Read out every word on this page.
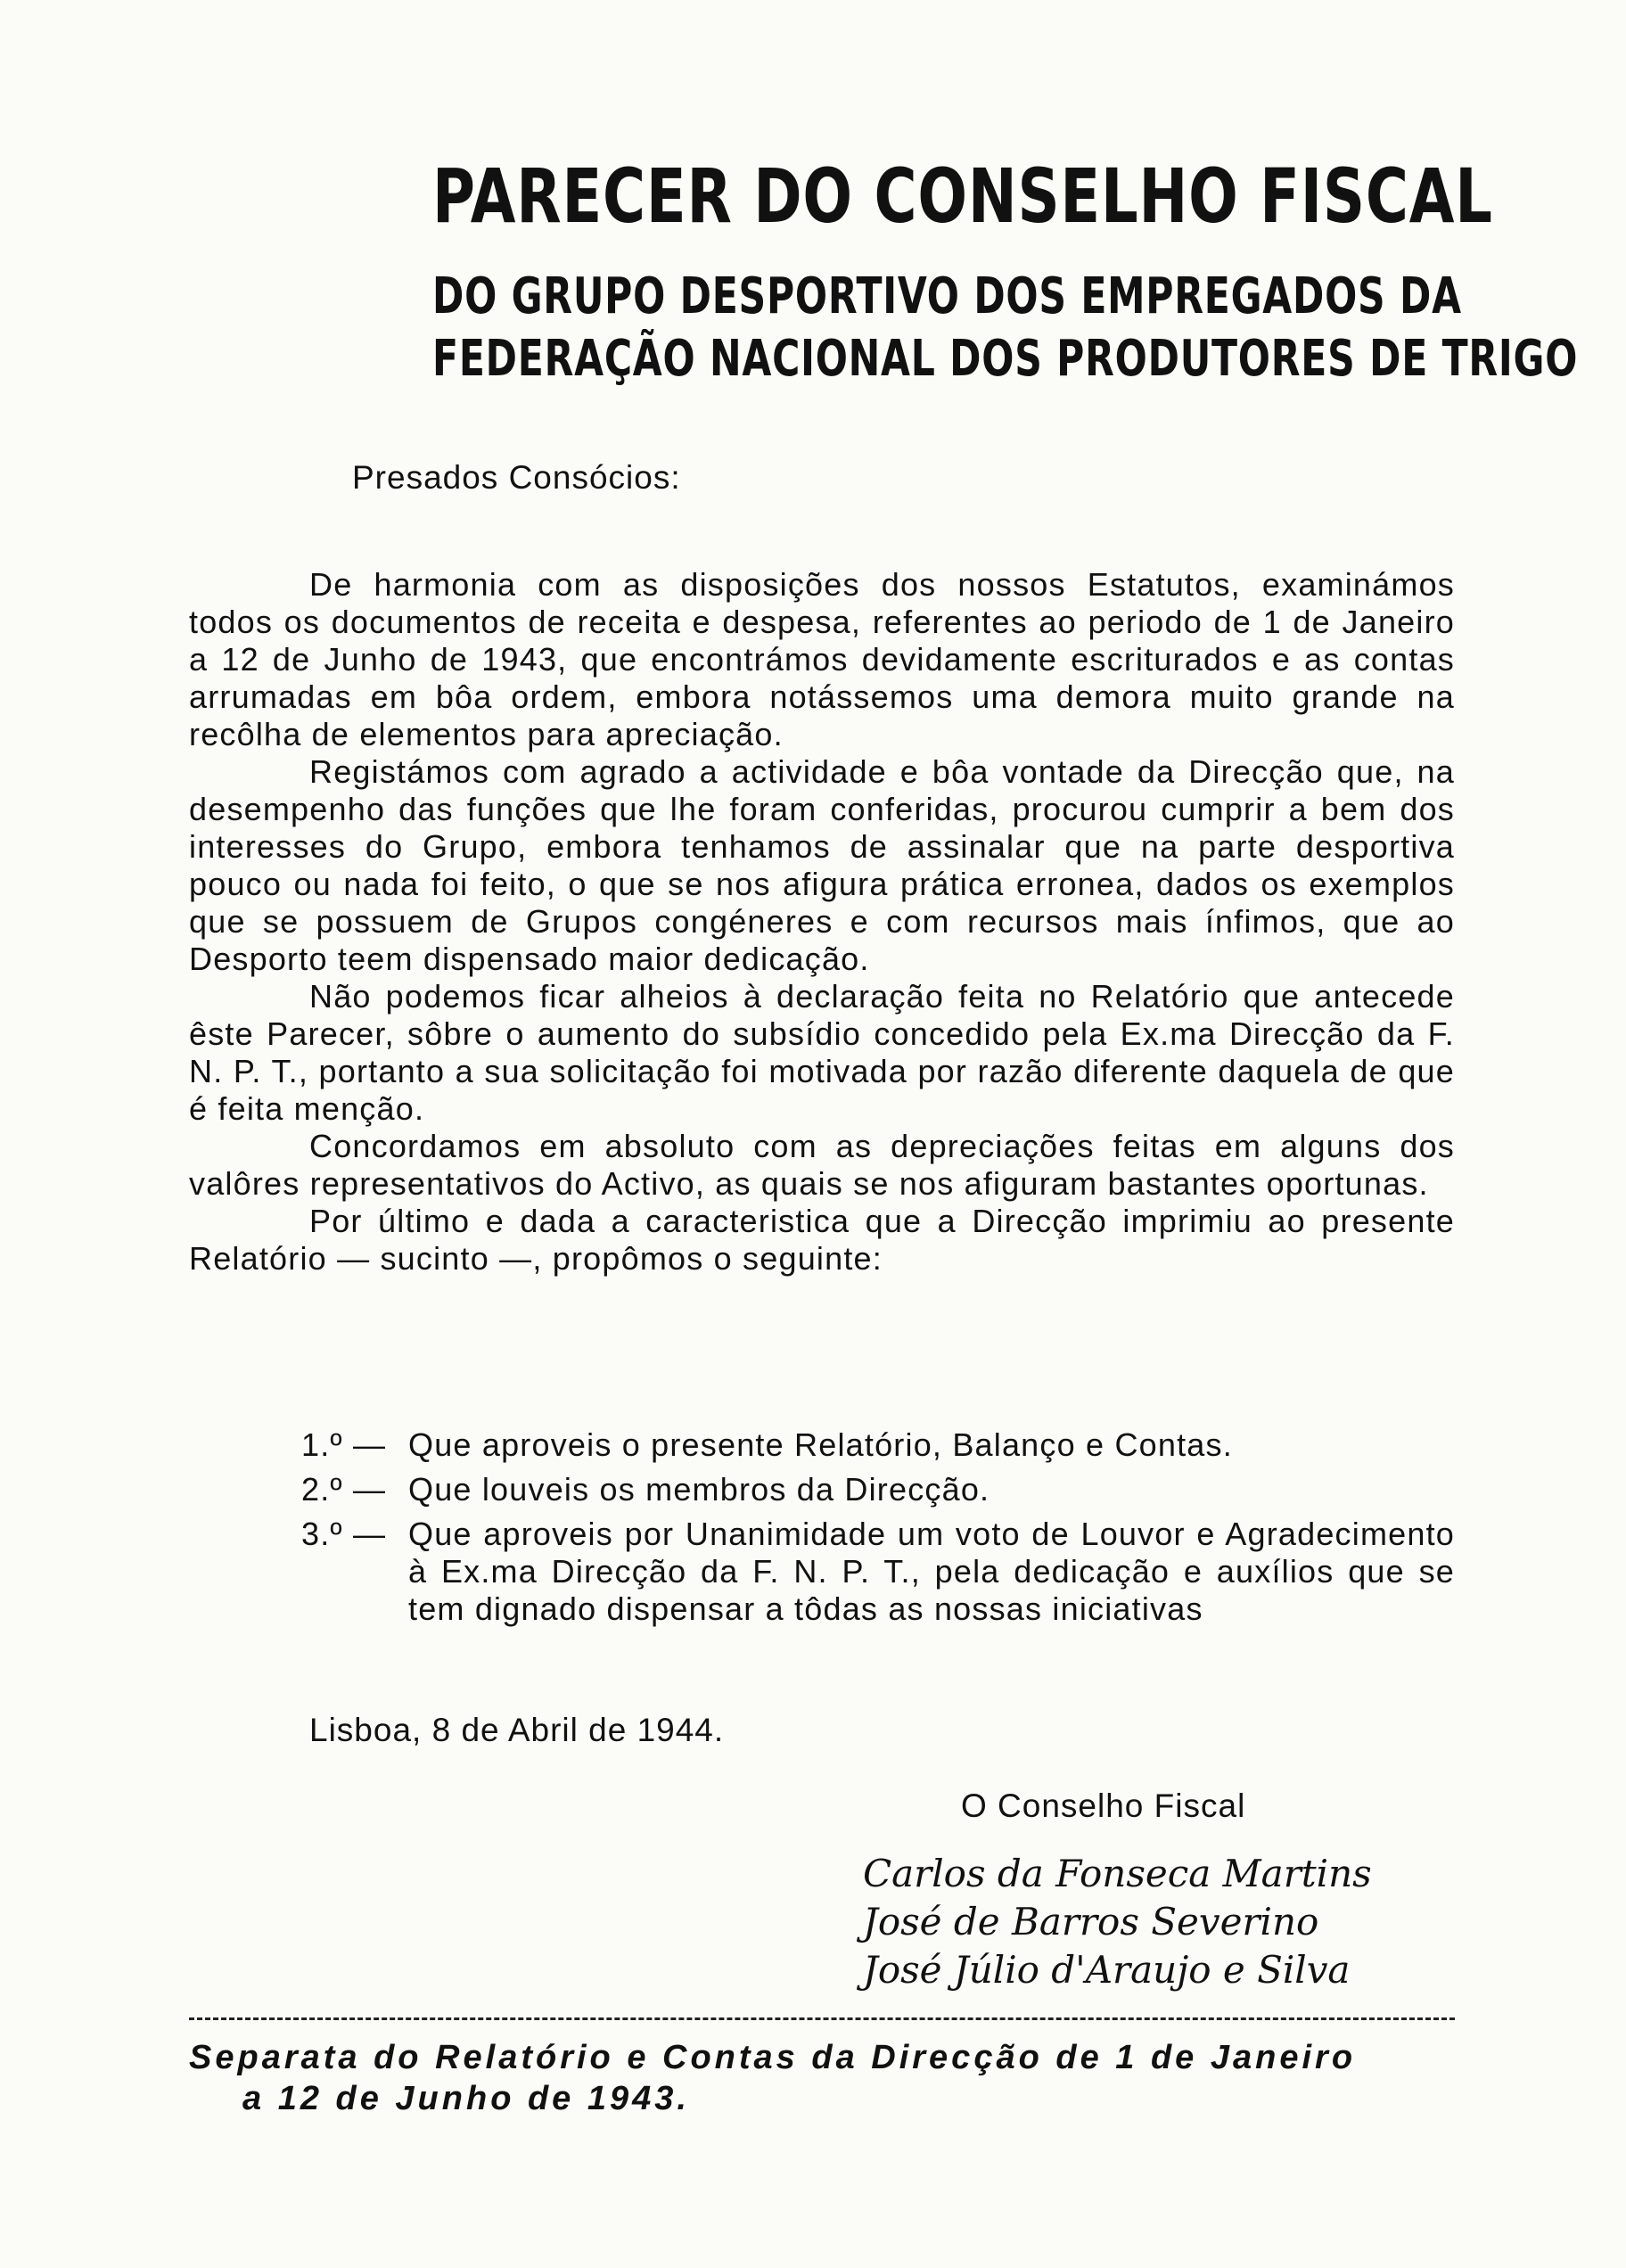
PARECER DO CONSELHO FISCAL
DO GRUPO DESPORTIVO DOS EMPREGADOS DA
FEDERAÇÃO NACIONAL DOS PRODUTORES DE TRIGO
Presados Consócios:

De harmonia com as disposições dos nossos Estatutos, examinámos todos os documentos de receita e despesa, referentes ao periodo de 1 de Janeiro a 12 de Junho de 1943, que encontrámos devidamente escriturados e as contas arrumadas em bôa ordem, embora notássemos uma demora muito grande na recôlha de elementos para apreciação.

Registámos com agrado a actividade e bôa vontade da Direcção que, na desempenho das funções que lhe foram conferidas, procurou cumprir a bem dos interesses do Grupo, embora tenhamos de assinalar que na parte desportiva pouco ou nada foi feito, o que se nos afigura prática erronea, dados os exemplos que se possuem de Grupos congéneres e com recursos mais ínfimos, que ao Desporto teem dispensado maior dedicação.

Não podemos ficar alheios à declaração feita no Relatório que antecede êste Parecer, sôbre o aumento do subsídio concedido pela Ex.ma Direcção da F. N. P. T., portanto a sua solicitação foi motivada por razão diferente daquela de que é feita menção.

Concordamos em absoluto com as depreciações feitas em alguns dos valôres representativos do Activo, as quais se nos afiguram bastantes oportunas.

Por último e dada a caracteristica que a Direcção imprimiu ao presente Relatório — sucinto —, propômos o seguinte:

1.º — Que aproveis o presente Relatório, Balanço e Contas.
2.º — Que louveis os membros da Direcção.
3.º — Que aproveis por Unanimidade um voto de Louvor e Agradecimento à Ex.ma Direcção da F. N. P. T., pela dedicação e auxílios que se tem dignado dispensar a tôdas as nossas iniciativas
Lisboa, 8 de Abril de 1944.
O Conselho Fiscal
Carlos da Fonseca Martins
José de Barros Severino
José Júlio d'Araujo e Silva
Separata do Relatório e Contas da Direcção de 1 de Janeiro
a 12 de Junho de 1943.
